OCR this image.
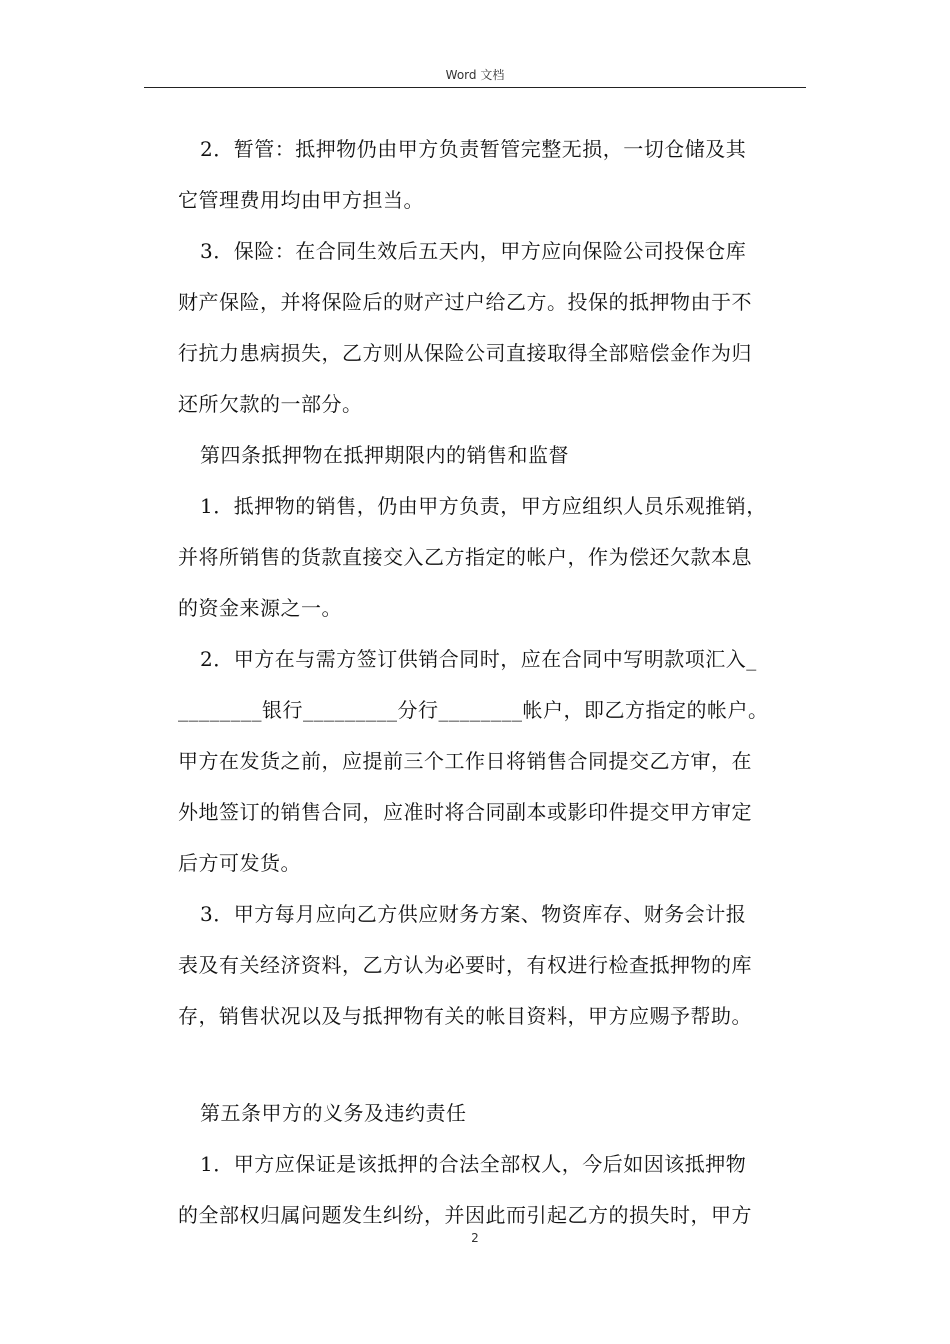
Word 文档
2．暂管：抵押物仍由甲方负责暂管完整无损，一切仓储及其
它管理费用均由甲方担当。
3．保险：在合同生效后五天内，甲方应向保险公司投保仓库
财产保险，并将保险后的财产过户给乙方。投保的抵押物由于不
行抗力患病损失，乙方则从保险公司直接取得全部赔偿金作为归
还所欠款的一部分。
第四条抵押物在抵押期限内的销售和监督
1．抵押物的销售，仍由甲方负责，甲方应组织人员乐观推销，
并将所销售的货款直接交入乙方指定的帐户，作为偿还欠款本息
的资金来源之一。
2．甲方在与需方签订供销合同时，应在合同中写明款项汇入_
________银行_________分行________帐户，即乙方指定的帐户。
甲方在发货之前，应提前三个工作日将销售合同提交乙方审，在
外地签订的销售合同，应准时将合同副本或影印件提交甲方审定
后方可发货。
3．甲方每月应向乙方供应财务方案、物资库存、财务会计报
表及有关经济资料，乙方认为必要时，有权进行检查抵押物的库
存，销售状况以及与抵押物有关的帐目资料，甲方应赐予帮助。
第五条甲方的义务及违约责任
1．甲方应保证是该抵押的合法全部权人，今后如因该抵押物
的全部权归属问题发生纠纷，并因此而引起乙方的损失时，甲方
2
